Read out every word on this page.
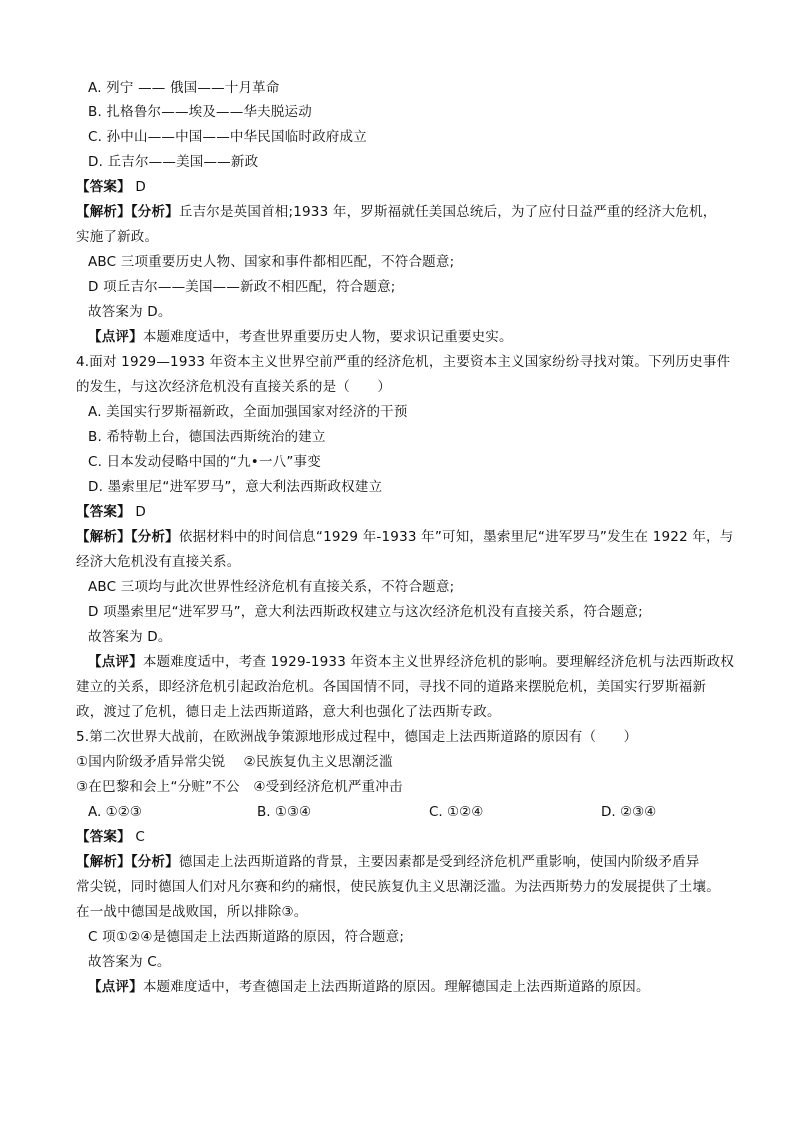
A. 列宁 —— 俄国——十月革命
B. 扎格鲁尔——埃及——华夫脱运动
C. 孙中山——中国——中华民国临时政府成立
D. 丘吉尔——美国——新政
【答案】 D
【解析】【分析】丘吉尔是英国首相;1933 年，罗斯福就任美国总统后，为了应付日益严重的经济大危机，
实施了新政。
ABC 三项重要历史人物、国家和事件都相匹配，不符合题意;
D 项丘吉尔——美国——新政不相匹配，符合题意;
故答案为 D。
【点评】本题难度适中，考查世界重要历史人物，要求识记重要史实。
4.面对 1929—1933 年资本主义世界空前严重的经济危机，主要资本主义国家纷纷寻找对策。下列历史事件
的发生，与这次经济危机没有直接关系的是（　　）
A. 美国实行罗斯福新政，全面加强国家对经济的干预
B. 希特勒上台，德国法西斯统治的建立
C. 日本发动侵略中国的“九•一八”事变
D. 墨索里尼“进军罗马”，意大利法西斯政权建立
【答案】 D
【解析】【分析】依据材料中的时间信息“1929 年-1933 年”可知，墨索里尼“进军罗马”发生在 1922 年，与
经济大危机没有直接关系。
ABC 三项均与此次世界性经济危机有直接关系，不符合题意;
D 项墨索里尼“进军罗马”，意大利法西斯政权建立与这次经济危机没有直接关系，符合题意;
故答案为 D。
【点评】本题难度适中，考查 1929-1933 年资本主义世界经济危机的影响。要理解经济危机与法西斯政权
建立的关系，即经济危机引起政治危机。各国国情不同，寻找不同的道路来摆脱危机，美国实行罗斯福新
政，渡过了危机，德日走上法西斯道路，意大利也强化了法西斯专政。
5.第二次世界大战前，在欧洲战争策源地形成过程中，德国走上法西斯道路的原因有（　　）
①国内阶级矛盾异常尖锐　 ②民族复仇主义思潮泛滥
③在巴黎和会上“分赃”不公　④受到经济危机严重冲击
A. ①②③	B. ①③④	C. ①②④	D. ②③④
【答案】 C
【解析】【分析】德国走上法西斯道路的背景，主要因素都是受到经济危机严重影响，使国内阶级矛盾异
常尖锐，同时德国人们对凡尔赛和约的痛恨，使民族复仇主义思潮泛滥。为法西斯势力的发展提供了土壤。
在一战中德国是战败国，所以排除③。
C 项①②④是德国走上法西斯道路的原因，符合题意;
故答案为 C。
【点评】本题难度适中，考查德国走上法西斯道路的原因。理解德国走上法西斯道路的原因。
